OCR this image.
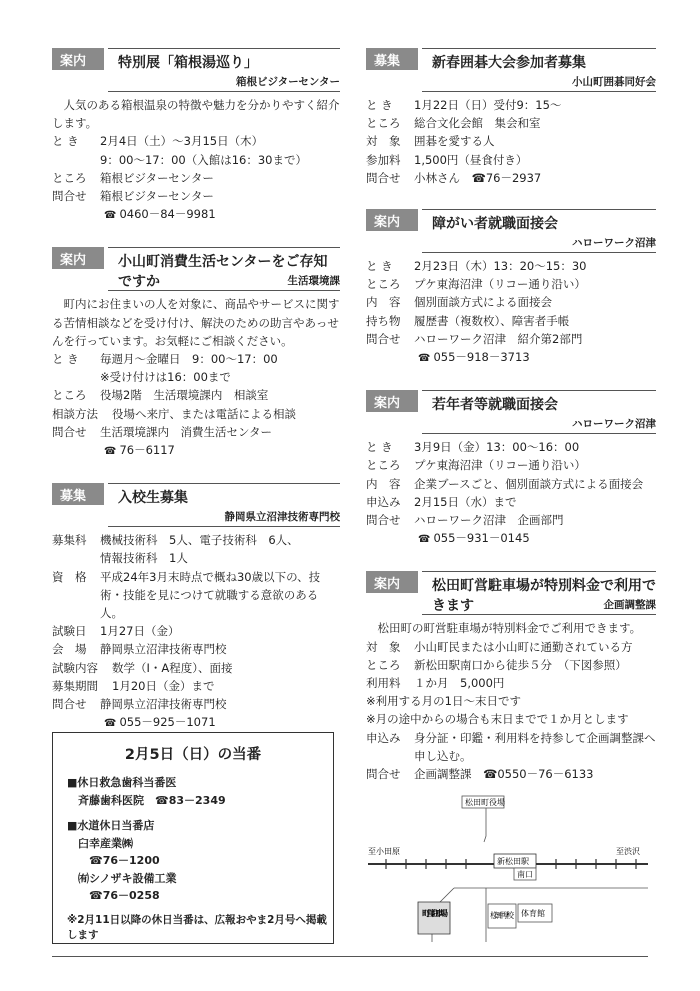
案内	特別展「箱根湯巡り」
箱根ビジターセンター
人気のある箱根温泉の特徴や魅力を分かりやすく紹介します。
と き	2月4日（土）～3月15日（木）
9：00～17：00（入館は16：30まで）
ところ	箱根ビジターセンター
問合せ	箱根ビジターセンター
☎ 0460－84－9981
案内	小山町消費生活センターをご存知ですか	生活環境課
町内にお住まいの人を対象に、商品やサービスに関する苦情相談などを受け付け、解決のための助言やあっせんを行っています。お気軽にご相談ください。
と き	毎週月～金曜日　9：00～17：00
※受け付けは16：00まで
ところ	役場2階　生活環境課内　相談室
相談方法	役場へ来庁、または電話による相談
問合せ	生活環境課内　消費生活センター
☎ 76－6117
募集	入校生募集
静岡県立沼津技術専門校
募集科	機械技術科　5人、電子技術科　6人、
情報技術科　1人
資　格	平成24年3月末時点で概ね30歳以下の、技術・技能を見につけて就職する意欲のある人。
試験日	1月27日（金）
会　場	静岡県立沼津技術専門校
試験内容	数学（I・A程度）、面接
募集期間	1月20日（金）まで
問合せ	静岡県立沼津技術専門校
☎ 055－925－1071
募集	新春囲碁大会参加者募集
小山町囲碁同好会
と き	1月22日（日）受付9：15～
ところ	総合文化会館　集会和室
対　象	囲碁を愛する人
参加料	1,500円（昼食付き）
問合せ	小林さん　☎76－2937
案内	障がい者就職面接会
ハローワーク沼津
と き	2月23日（木）13：20～15：30
ところ	プケ東海沼津（リコー通り沿い）
内　容	個別面談方式による面接会
持ち物	履歴書（複数枚）、障害者手帳
問合せ	ハローワーク沼津　紹介第2部門
☎ 055－918－3713
案内	若年者等就職面接会
ハローワーク沼津
と き	3月9日（金）13：00～16：00
ところ	プケ東海沼津（リコー通り沿い）
内　容	企業ブースごと、個別面談方式による面接会
申込み	2月15日（水）まで
問合せ	ハローワーク沼津　企画部門
☎ 055－931－0145
案内	松田町営駐車場が特別料金で利用できます	企画調整課
松田町の町営駐車場が特別料金でご利用できます。
対　象	小山町民または小山町に通勤されている方
ところ	新松田駅南口から徒歩５分　（下図参照）
利用料	１か月　5,000円
※利用する月の1日～末日です
※月の途中からの場合も末日までで１か月とします
申込み	身分証・印鑑・利用料を持参して企画調整課へ申し込む。
問合せ	企画調整課　☎0550－76－6133
2月5日（日）の当番
■休日救急歯科当番医
　斉藤歯科医院　☎83－2349
■水道休日当番店
　臼幸産業㈱
　　☎76－1200
　㈲シノザキ設備工業
　　☎76－0258
※2月11日以降の休日当番は、広報おやま2月号へ掲載します
松田町役場
至小田原	至渋沢
新松田駅
南口
町営駐車場	松田中学校 体育館
